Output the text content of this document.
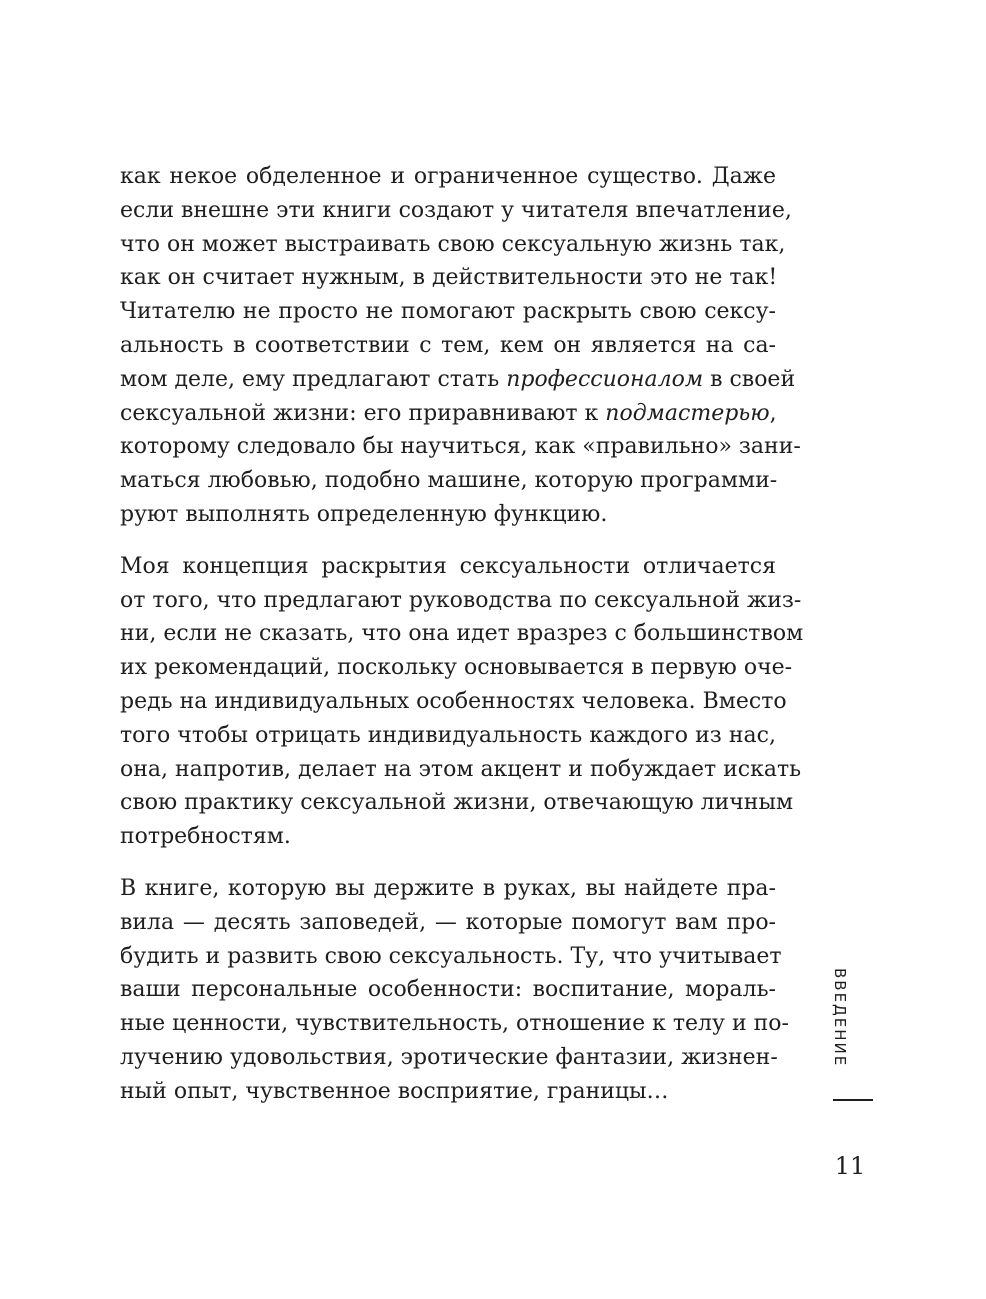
как некое обделенное и ограниченное существо. Даже
если внешне эти книги создают у читателя впечатление,
что он может выстраивать свою сексуальную жизнь так,
как он считает нужным, в действительности это не так!
Читателю не просто не помогают раскрыть свою сексу-
альность в соответствии с тем, кем он является на са-
мом деле, ему предлагают стать профессионалом в своей
сексуальной жизни: его приравнивают к подмастерью,
которому следовало бы научиться, как «правильно» зани-
маться любовью, подобно машине, которую программи-
руют выполнять определенную функцию.

Моя концепция раскрытия сексуальности отличается
от того, что предлагают руководства по сексуальной жиз-
ни, если не сказать, что она идет вразрез с большинством
их рекомендаций, поскольку основывается в первую оче-
редь на индивидуальных особенностях человека. Вместо
того чтобы отрицать индивидуальность каждого из нас,
она, напротив, делает на этом акцент и побуждает искать
свою практику сексуальной жизни, отвечающую личным
потребностям.

В книге, которую вы держите в руках, вы найдете пра-
вила — десять заповедей, — которые помогут вам про-
будить и развить свою сексуальность. Ту, что учитывает
ваши персональные особенности: воспитание, мораль-
ные ценности, чувствительность, отношение к телу и по-
лучению удовольствия, эротические фантазии, жизнен-
ный опыт, чувственное восприятие, границы…

ВВЕДЕНИЕ
11
